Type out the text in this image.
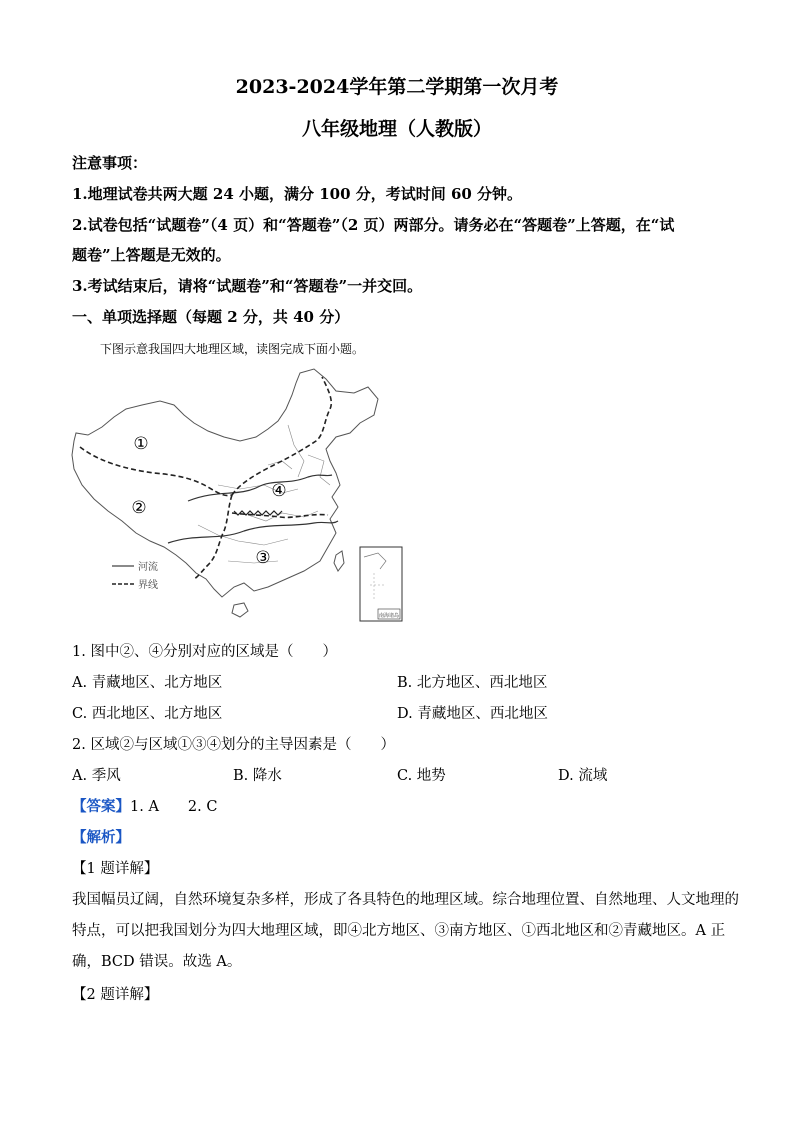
2023-2024学年第二学期第一次月考
八年级地理（人教版）
注意事项：
1.地理试卷共两大题 24 小题，满分 100 分，考试时间 60 分钟。
2.试卷包括“试题卷”（4 页）和“答题卷”（2 页）两部分。请务必在“答题卷”上答题，在“试
题卷”上答题是无效的。
3.考试结束后，请将“试题卷”和“答题卷”一并交回。
一、单项选择题（每题 2 分，共 40 分）
下图示意我国四大地理区域，读图完成下面小题。
①
②
③
④
河流
界线
南海诸岛
1. 图中②、④分别对应的区域是（　　）
A. 青藏地区、北方地区	B. 北方地区、西北地区
C. 西北地区、北方地区	D. 青藏地区、西北地区
2. 区域②与区域①③④划分的主导因素是（　　）
A. 季风	B. 降水	C. 地势	D. 流域
【答案】1. A　　2. C
【解析】
【1 题详解】
我国幅员辽阔，自然环境复杂多样，形成了各具特色的地理区域。综合地理位置、自然地理、人文地理的
特点，可以把我国划分为四大地理区域，即④北方地区、③南方地区、①西北地区和②青藏地区。A 正
确，BCD 错误。故选 A。
【2 题详解】
